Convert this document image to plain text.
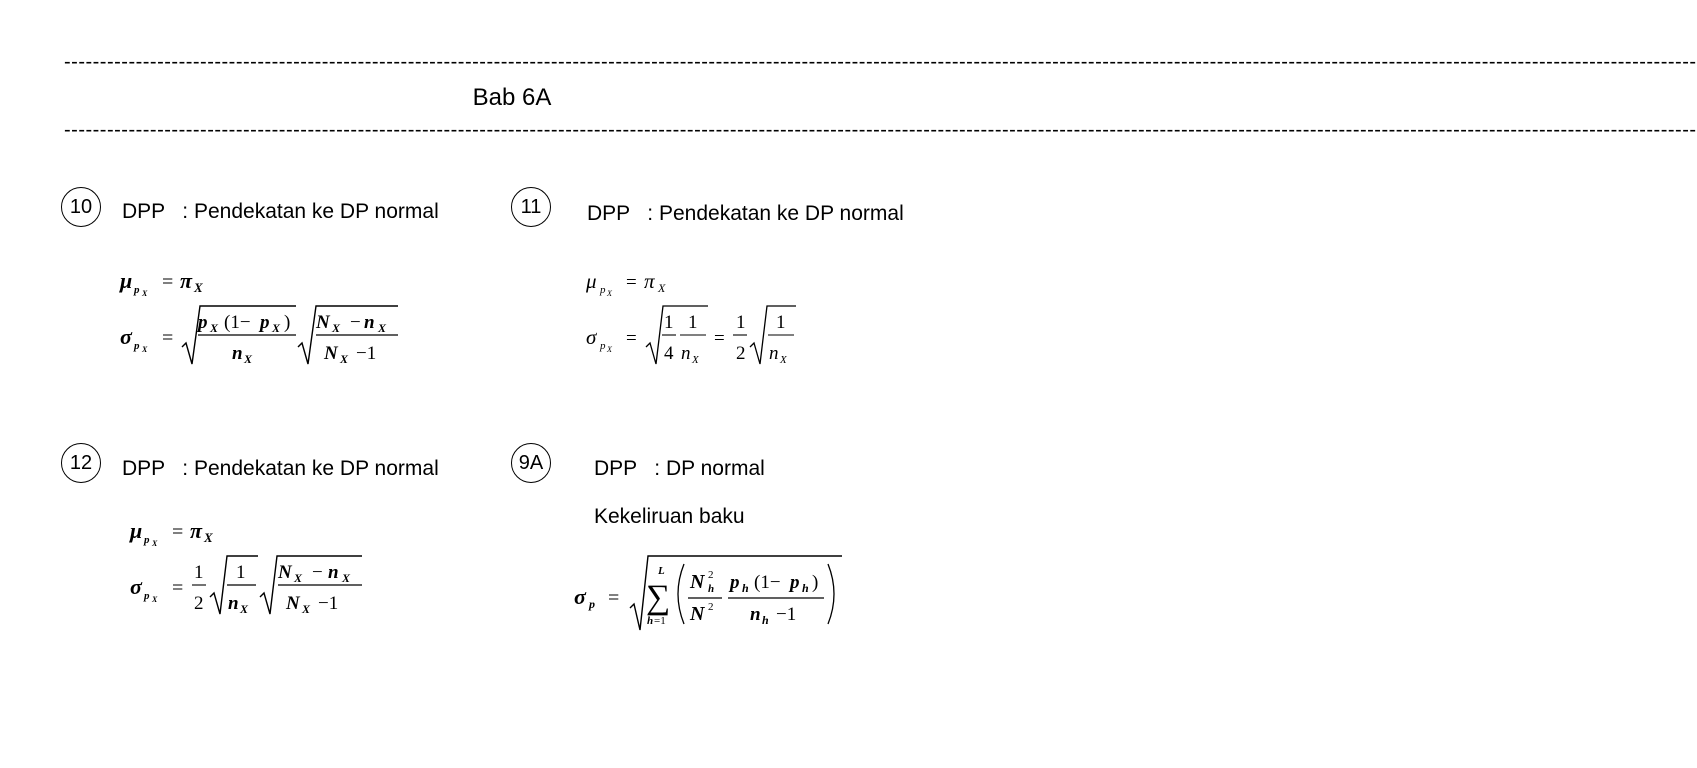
------------------------------------------------------------------------------------------------------------------------------------------------------------------------------------------------------------------------------------
Bab 6A
------------------------------------------------------------------------------------------------------------------------------------------------------------------------------------------------------------------------------------
10	DPP   : Pendekatan ke DP normal
μ p X
= π X
σ p X
=
p X (1− p X )
n X
N X − n X
N X −1
11	DPP   : Pendekatan ke DP normal
μ p X
= π X
σ p X
=
1
4
1
n X
=
1
2
1
n X
12	DPP   : Pendekatan ke DP normal
μ p X
= π X
σ p X
=
1
2
1
n X
N X − n X
N X −1
9A	DPP   : DP normal
Kekeliruan baku
σ p =
L
∑
h =1
N 2
h
N 2
p h (1− p h )
n h −1
